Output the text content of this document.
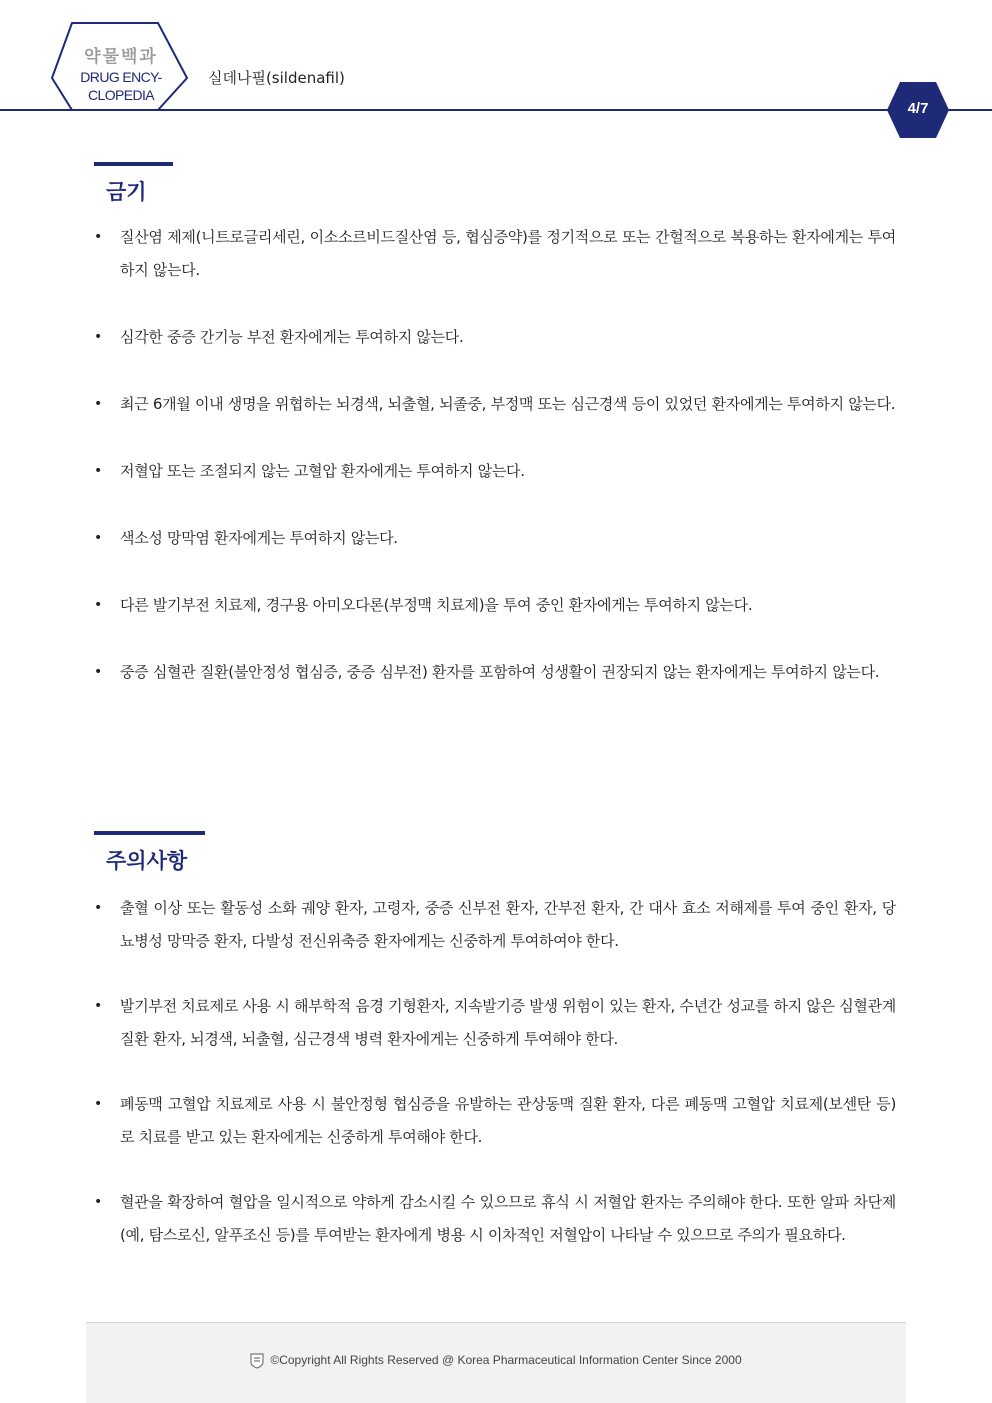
약물백과
DRUG ENCY-
CLOPEDIA
실데나필(sildenafil)
4/7
금기
• 질산염 제제(니트로글리세린, 이소소르비드질산염 등, 협심증약)를 정기적으로 또는 간헐적으로 복용하는 환자에게는 투여하지 않는다.
• 심각한 중증 간기능 부전 환자에게는 투여하지 않는다.
• 최근 6개월 이내 생명을 위협하는 뇌경색, 뇌출혈, 뇌졸중, 부정맥 또는 심근경색 등이 있었던 환자에게는 투여하지 않는다.
• 저혈압 또는 조절되지 않는 고혈압 환자에게는 투여하지 않는다.
• 색소성 망막염 환자에게는 투여하지 않는다.
• 다른 발기부전 치료제, 경구용 아미오다론(부정맥 치료제)을 투여 중인 환자에게는 투여하지 않는다.
• 중증 심혈관 질환(불안정성 협심증, 중증 심부전) 환자를 포함하여 성생활이 권장되지 않는 환자에게는 투여하지 않는다.
주의사항
• 출혈 이상 또는 활동성 소화 궤양 환자, 고령자, 중증 신부전 환자, 간부전 환자, 간 대사 효소 저해제를 투여 중인 환자, 당뇨병성 망막증 환자, 다발성 전신위축증 환자에게는 신중하게 투여하여야 한다.
• 발기부전 치료제로 사용 시 해부학적 음경 기형환자, 지속발기증 발생 위험이 있는 환자, 수년간 성교를 하지 않은 심혈관계 질환 환자, 뇌경색, 뇌출혈, 심근경색 병력 환자에게는 신중하게 투여해야 한다.
• 폐동맥 고혈압 치료제로 사용 시 불안정형 협심증을 유발하는 관상동맥 질환 환자, 다른 폐동맥 고혈압 치료제(보센탄 등)로 치료를 받고 있는 환자에게는 신중하게 투여해야 한다.
• 혈관을 확장하여 혈압을 일시적으로 약하게 감소시킬 수 있으므로 휴식 시 저혈압 환자는 주의해야 한다. 또한 알파 차단제(예, 탐스로신, 알푸조신 등)를 투여받는 환자에게 병용 시 이차적인 저혈압이 나타날 수 있으므로 주의가 필요하다.
©Copyright All Rights Reserved @ Korea Pharmaceutical Information Center Since 2000
